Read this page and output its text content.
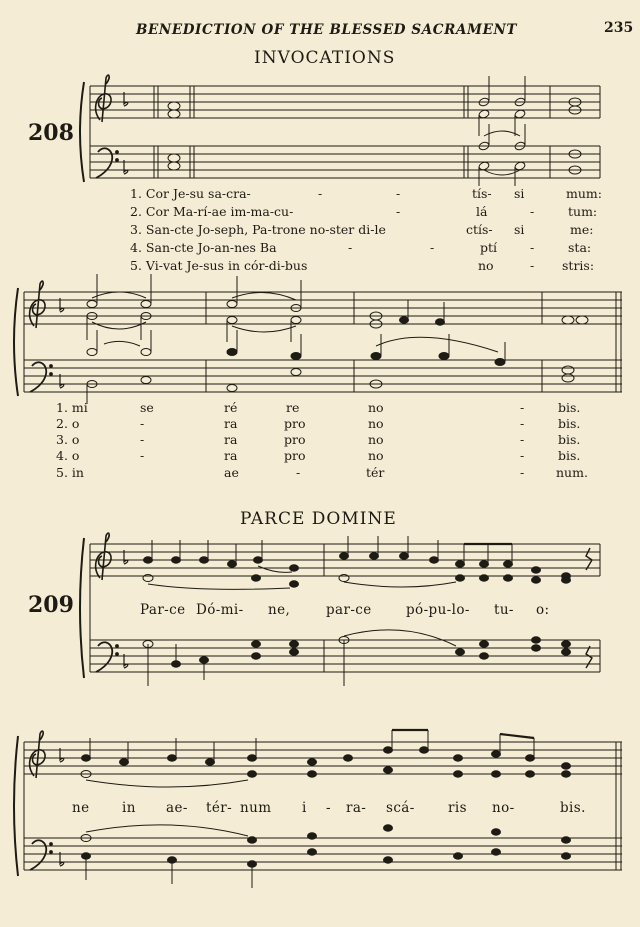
BENEDICTION OF THE BLESSED SACRAMENT	235
INVOCATIONS
208
PARCE DOMINE
209
1. Cor Je-su sa-cra-	-	-	tís- si	mum:
2. Cor Ma-rí-ae im-ma-cu-	-	lá	-	tum:
3. San-cte Jo-seph, Pa-trone no-ster di-le	ctís- si	me:
4. San-cte Jo-an-nes Ba	-	-	ptí	-	sta:
5. Vi-vat Je-sus in cór-di-bus	no	- stris:
1. mi	se	ré	re	no	-	bis.
2. o	-	ra	pro	no	-	bis.
3. o	-	ra	pro	no	-	bis.
4. o	-	ra	pro	no	-	bis.
5. in	ae	-	tér	-	num.
Par-ce Dó-mi- ne,	par-ce	pó-pu-lo- tu- o:
ne in ae- tér- num i - ra- scá- ris no-	bis.
